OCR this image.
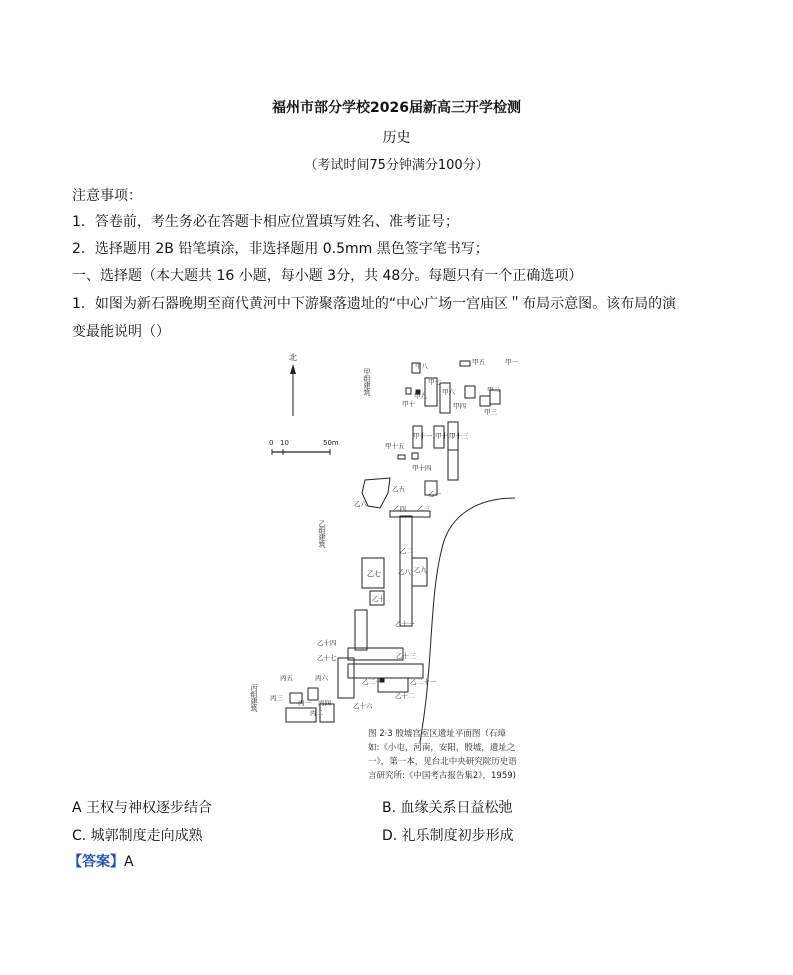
福州市部分学校2026届新高三开学检测
历史
（考试时间75分钟满分100分）
注意事项：
1．答卷前，考生务必在答题卡相应位置填写姓名、准考证号；
2．选择题用 2B 铅笔填涂，非选择题用 0.5mm 黑色签字笔书写；
一、选择题（本大题共 16 小题，每小题 3分，共 48分。每题只有一个正确选项）
1．如图为新石器晚期至商代黄河中下游聚落遗址的“中心广场一宫庙区＂布局示意图。该布局的演
变最能说明（）
北
0 10	50m
甲组建筑
乙组建筑
丙组建筑
甲八	甲五	甲一
甲七
甲六	甲二
甲三
甲四
甲九
甲十
甲十一 甲十二
甲十三
甲十四
甲十五
乙五
乙一
乙六
乙四 乙三
乙七	乙八 乙九
乙十
乙十一
乙十四
乙十七	乙十三
乙二十	乙二十一
乙十二
乙十六
乙二
丙五	丙六
丙三
丙一 丙四
丙二
图 2·3 殷墟宫室区遗址平面图（石璋
如:《小屯，河南，安阳，殷墟，遗址之
一》，第一本，见台北中央研究院历史语
言研究所:《中国考古报告集2》，1959)
A 王权与神权逐步结合	B. 血缘关系日益松弛
C. 城郭制度走向成熟	D. 礼乐制度初步形成
【答案】A
